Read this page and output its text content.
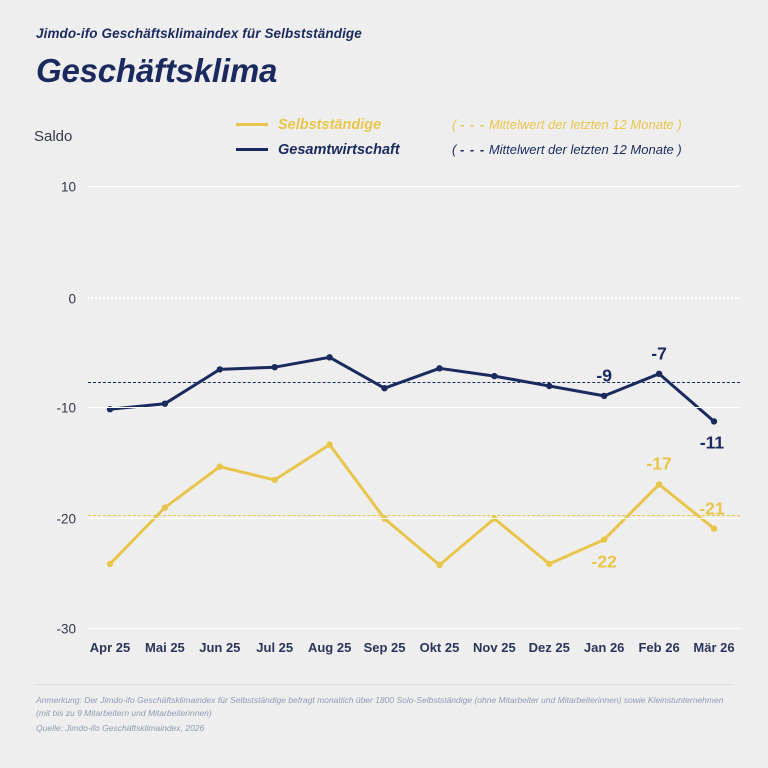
Jimdo-ifo Geschäftsklimaindex für Selbstständige
Geschäftsklima
Saldo
Selbstständige	( - - - Mittelwert der letzten 12 Monate )
Gesamtwirtschaft	( - - - Mittelwert der letzten 12 Monate )
10
0
-10
-20
-30
-22
-17
-21
-9
-7
-11
Apr 25 Mai 25 Jun 25 Jul 25 Aug 25 Sep 25 Okt 25 Nov 25 Dez 25 Jan 26 Feb 26 Mär 26
Anmerkung: Der Jimdo-ifo Geschäftsklimaindex für Selbstständige befragt monatlich über 1800 Solo-Selbstständige (ohne Mitarbeiter und Mitarbeiterinnen) sowie Kleinstunternehmen (mit bis zu 9 Mitarbeitern und Mitarbeiterinnen)
Quelle: Jimdo-ifo Geschäftsklimaindex, 2026
